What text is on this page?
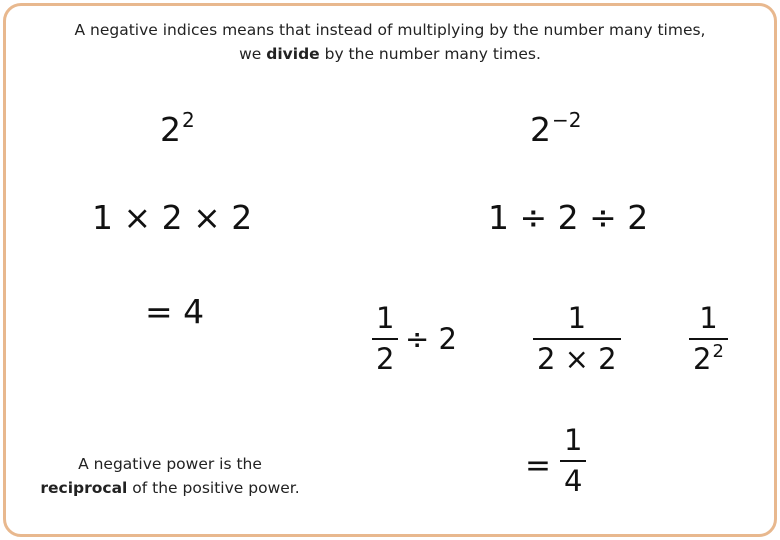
A negative indices means that instead of multiplying by the number many times,
we divide by the number many times.
$2^2$
1 × 2 × 2
= 4
$2^{-2}$
1 ÷ 2 ÷ 2
1
2
÷ 2
1
2 × 2
1
$2^2$
=
1
4
A negative power is the
reciprocal of the positive power.
